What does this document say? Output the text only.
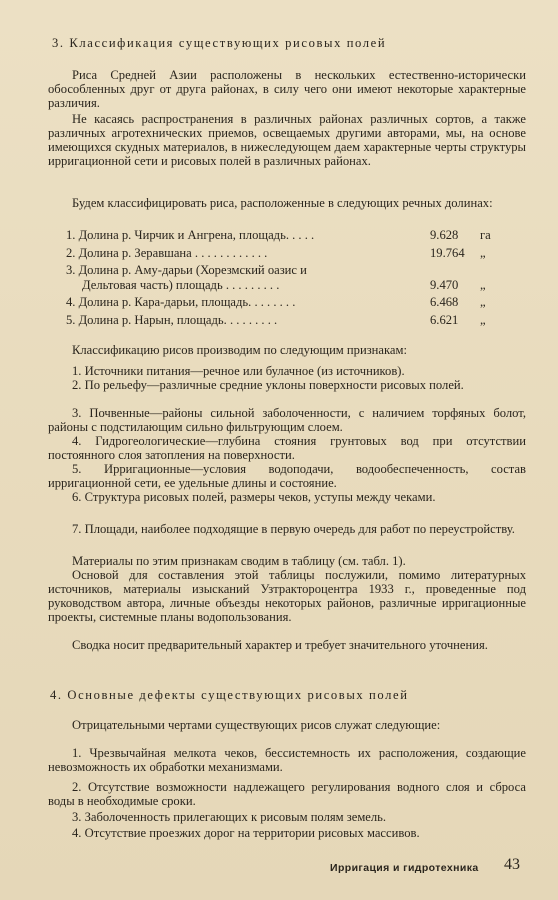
3. Классификация существующих рисовых полей
Риса Средней Азии расположены в нескольких естественно-исторически обособленных друг от друга районах, в силу чего они имеют некоторые характерные различия.
Не касаясь распространения в различных районах различных сортов, а также различных агротехнических приемов, освещаемых другими авторами, мы, на основе имеющихся скудных материалов, в нижеследующем даем характерные черты структуры ирригационной сети и рисовых полей в различных районах.
Будем классифицировать риса, расположенные в следующих речных долинах:
1. Долина р. Чирчик и Ангрена, площадь. . . . .	9.628 га
2. Долина р. Зеравшана . . . . . . . . . . . .	19.764 „
3. Долина р. Аму-дарьи (Хорезмский оазис и
Дельтовая часть) площадь . . . . . . . . .	9.470 „
4. Долина р. Кара-дарьи, площадь. . . . . . . .	6.468 „
5. Долина р. Нарын, площадь. . . . . . . . .	6.621 „
Классификацию рисов производим по следующим признакам:
1. Источники питания—речное или булачное (из источников).
2. По рельефу—различные средние уклоны поверхности рисовых полей.
3. Почвенные—районы сильной заболоченности, с наличием торфяных болот, районы с подстилающим сильно фильтрующим слоем.
4. Гидрогеологические—глубина стояния грунтовых вод при отсутствии постоянного слоя затопления на поверхности.
5. Ирригационные—условия водоподачи, водообеспеченность, состав ирригационной сети, ее удельные длины и состояние.
6. Структура рисовых полей, размеры чеков, уступы между чеками.
7. Площади, наиболее подходящие в первую очередь для работ по переустройству.
Материалы по этим признакам сводим в таблицу (см. табл. 1).
Основой для составления этой таблицы послужили, помимо литературных источников, материалы изысканий Узтрактороцентра 1933 г., проведенные под руководством автора, личные объезды некоторых районов, различные ирригационные проекты, системные планы водопользования.
Сводка носит предварительный характер и требует значительного уточнения.
4. Основные дефекты существующих рисовых полей
Отрицательными чертами существующих рисов служат следующие:
1. Чрезвычайная мелкота чеков, бессистемность их расположения, создающие невозможность их обработки механизмами.
2. Отсутствие возможности надлежащего регулирования водного слоя и сброса воды в необходимые сроки.
3. Заболоченность прилегающих к рисовым полям земель.
4. Отсутствие проезжих дорог на территории рисовых массивов.
Ирригация и гидротехника 43
